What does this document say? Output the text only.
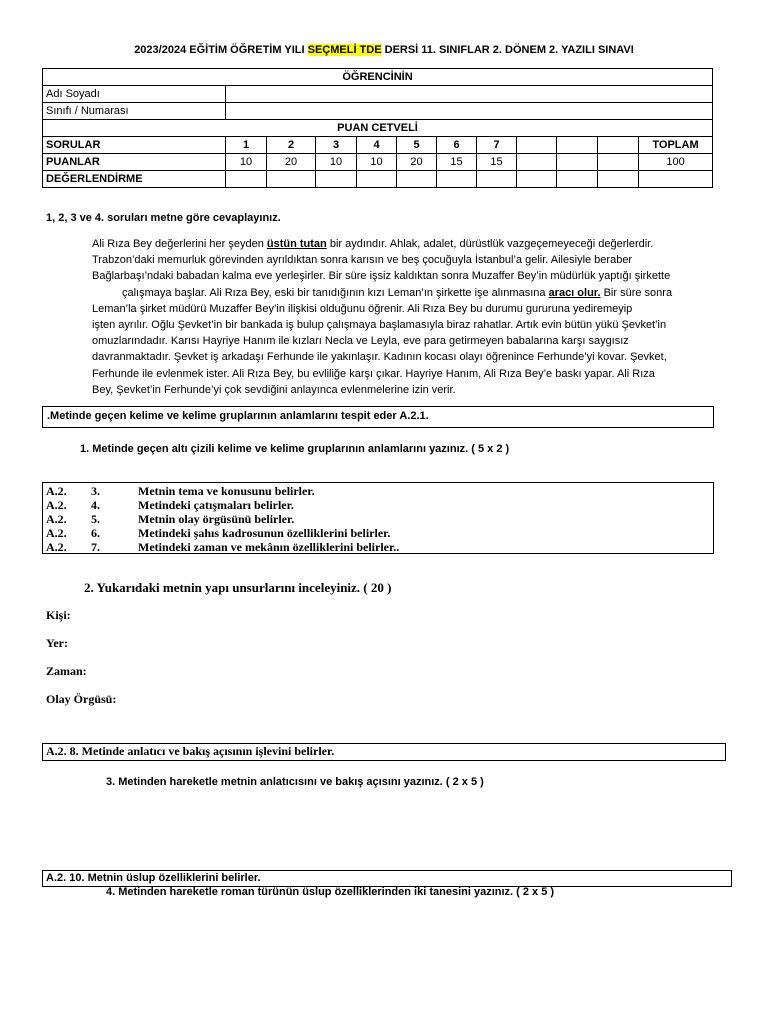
2023/2024 EĞİTİM ÖĞRETİM YILI SEÇMELİ TDE DERSİ 11. SINIFLAR 2. DÖNEM 2. YAZILI SINAVI
ÖĞRENCİNİN											
Adı Soyadı											
Sınıfı / Numarası											
PUAN CETVELİ											
SORULAR	1	2	3	4	5	6	7				TOPLAM
PUANLAR	10	20	10	10	20	15	15				100
DEĞERLENDİRME											
1, 2, 3 ve 4. soruları metne göre cevaplayınız.
Ali Rıza Bey değerlerini her şeyden üstün tutan bir aydındır. Ahlak, adalet, dürüstlük vazgeçemeyeceği değerlerdir.
Trabzon’daki memurluk görevinden ayrıldıktan sonra karısın ve beş çocuğuyla İstanbul’a gelir. Ailesiyle beraber
Bağlarbaşı’ndaki babadan kalma eve yerleşirler. Bir süre işsiz kaldıktan sonra Muzaffer Bey’in müdürlük yaptığı şirkette
çalışmaya başlar. Ali Rıza Bey, eski bir tanıdığının kızı Leman’ın şirkette işe alınmasına aracı olur. Bir süre sonra
Leman’la şirket müdürü Muzaffer Bey’in ilişkisi olduğunu öğrenir. Ali Rıza Bey bu durumu gururuna yediremeyip
işten ayrılır. Oğlu Şevket’in bir bankada iş bulup çalışmaya başlamasıyla biraz rahatlar. Artık evin bütün yükü Şevket’in
omuzlarındadır. Karısı Hayriye Hanım ile kızları Necla ve Leyla, eve para getirmeyen babalarına karşı saygısız
davranmaktadır. Şevket iş arkadaşı Ferhunde ile yakınlaşır. Kadının kocası olayı öğrenince Ferhunde’yi kovar. Şevket,
Ferhunde ile evlenmek ister. Ali Rıza Bey, bu evliliğe karşı çıkar. Hayriye Hanım, Ali Rıza Bey’e baskı yapar. Ali Rıza
Bey, Şevket’in Ferhunde’yi çok sevdiğini anlayınca evlenmelerine izin verir.
.Metinde geçen kelime ve kelime gruplarının anlamlarını tespit eder A.2.1.
1. Metinde geçen altı çizili kelime ve kelime gruplarının anlamlarını yazınız. ( 5 x 2 )
A.2. 3.	Metnin tema ve konusunu belirler.
A.2. 4.	Metindeki çatışmaları belirler.
A.2. 5.	Metnin olay örgüsünü belirler.
A.2. 6.	Metindeki şahıs kadrosunun özelliklerini belirler.
A.2. 7.	Metindeki zaman ve mekânın özelliklerini belirler..
2. Yukarıdaki metnin yapı unsurlarını inceleyiniz. ( 20 )
Kişi:
Yer:
Zaman:
Olay Örgüsü:
A.2. 8. Metinde anlatıcı ve bakış açısının işlevini belirler.
3. Metinden hareketle metnin anlatıcısını ve bakış açısını yazınız. ( 2 x 5 )
A.2. 10. Metnin üslup özelliklerini belirler.
4. Metinden hareketle roman türünün üslup özelliklerinden iki tanesini yazınız. ( 2 x 5 )
